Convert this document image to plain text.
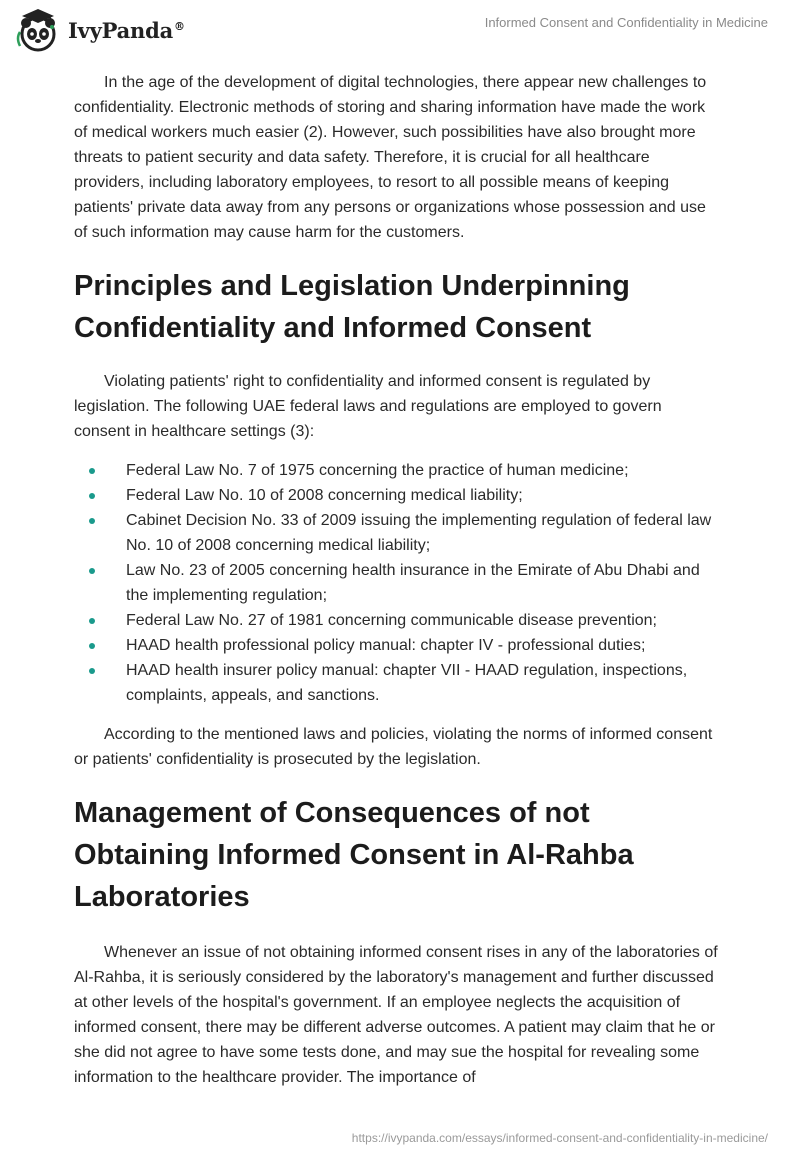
IvyPanda®	Informed Consent and Confidentiality in Medicine

In the age of the development of digital technologies, there appear new challenges to confidentiality. Electronic methods of storing and sharing information have made the work of medical workers much easier (2). However, such possibilities have also brought more threats to patient security and data safety. Therefore, it is crucial for all healthcare providers, including laboratory employees, to resort to all possible means of keeping patients' private data away from any persons or organizations whose possession and use of such information may cause harm for the customers.

Principles and Legislation Underpinning Confidentiality and Informed Consent

Violating patients' right to confidentiality and informed consent is regulated by legislation. The following UAE federal laws and regulations are employed to govern consent in healthcare settings (3):

Federal Law No. 7 of 1975 concerning the practice of human medicine;
Federal Law No. 10 of 2008 concerning medical liability;
Cabinet Decision No. 33 of 2009 issuing the implementing regulation of federal law No. 10 of 2008 concerning medical liability;
Law No. 23 of 2005 concerning health insurance in the Emirate of Abu Dhabi and the implementing regulation;
Federal Law No. 27 of 1981 concerning communicable disease prevention;
HAAD health professional policy manual: chapter IV - professional duties;
HAAD health insurer policy manual: chapter VII - HAAD regulation, inspections, complaints, appeals, and sanctions.

According to the mentioned laws and policies, violating the norms of informed consent or patients' confidentiality is prosecuted by the legislation.

Management of Consequences of not Obtaining Informed Consent in Al-Rahba Laboratories

Whenever an issue of not obtaining informed consent rises in any of the laboratories of Al-Rahba, it is seriously considered by the laboratory's management and further discussed at other levels of the hospital's government. If an employee neglects the acquisition of informed consent, there may be different adverse outcomes. A patient may claim that he or she did not agree to have some tests done, and may sue the hospital for revealing some information to the healthcare provider. The importance of

https://ivypanda.com/essays/informed-consent-and-confidentiality-in-medicine/
